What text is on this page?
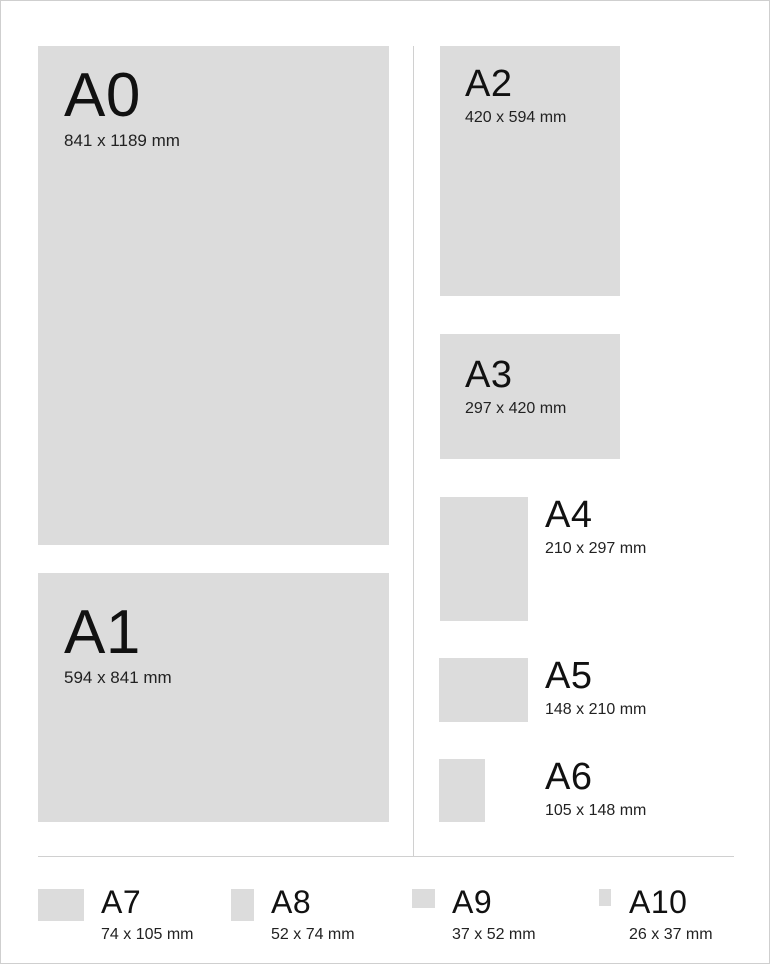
A0
841 x 1189 mm
A1
594 x 841 mm
A2
420 x 594 mm
A3
297 x 420 mm
A4
210 x 297 mm
A5
148 x 210 mm
A6
105 x 148 mm
A7
74 x 105 mm
A8
52 x 74 mm
A9
37 x 52 mm
A10
26 x 37 mm
